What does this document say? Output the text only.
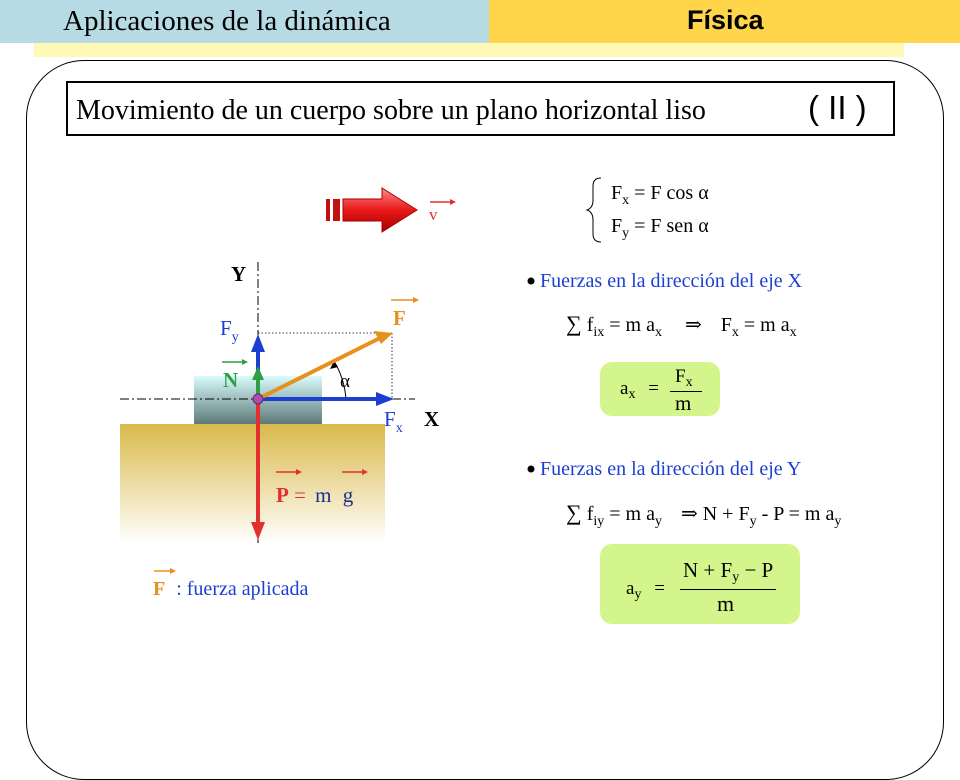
Aplicaciones de la dinámica	Física
Movimiento de un cuerpo sobre un plano horizontal liso	( II )
v
Y
X
F
$F_y$
$F_x$
N	α
P = m g
F : fuerza aplicada
$F_x = F$ cos α
$F_y = F$ sen α
Fuerzas en la dirección del eje X
∑ $f_{ix} = m$ $a_x$ ⇒ $F_x = m$ $a_x$
$a_x$ =
$F_x$
m
Fuerzas en la dirección del eje Y
∑ $f_{iy} = m$ $a_y$ ⇒ $N + F_y - P = m$ $a_y$
$a_y$ =
N + Fy − P
m
